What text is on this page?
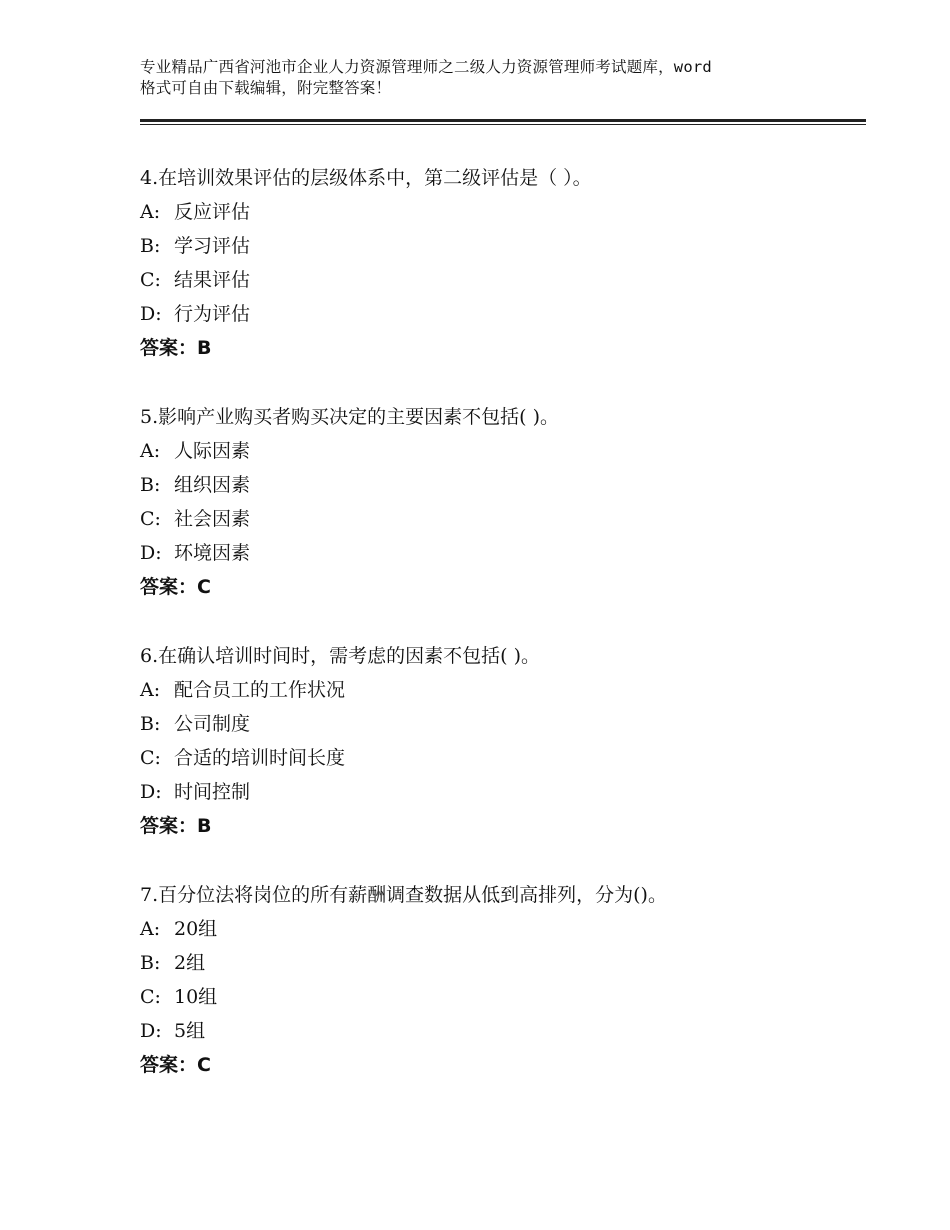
专业精品广西省河池市企业人力资源管理师之二级人力资源管理师考试题库，word
格式可自由下载编辑，附完整答案！
4.在培训效果评估的层级体系中，第二级评估是（ ）。
A: 反应评估
B: 学习评估
C: 结果评估
D: 行为评估
答案：B
5.影响产业购买者购买决定的主要因素不包括( )。
A: 人际因素
B: 组织因素
C: 社会因素
D: 环境因素
答案：C
6.在确认培训时间时，需考虑的因素不包括( )。
A: 配合员工的工作状况
B: 公司制度
C: 合适的培训时间长度
D: 时间控制
答案：B
7.百分位法将岗位的所有薪酬调查数据从低到高排列，分为()。
A: 20组
B: 2组
C: 10组
D: 5组
答案：C
